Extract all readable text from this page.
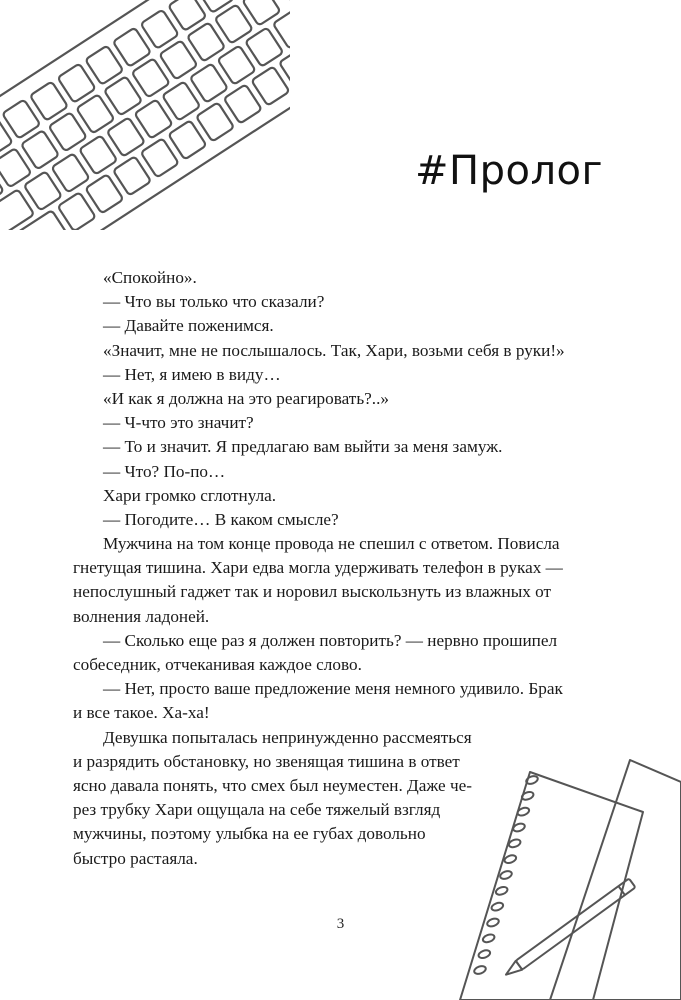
#Пролог
«Спокойно».
— Что вы только что сказали?
— Давайте поженимся.
«Значит, мне не послышалось. Так, Хари, возьми себя в руки!»
— Нет, я имею в виду…
«И как я должна на это реагировать?..»
— Ч-что это значит?
— То и значит. Я предлагаю вам выйти за меня замуж.
— Что? По-по…
Хари громко сглотнула.
— Погодите… В каком смысле?
Мужчина на том конце провода не спешил с ответом. Повисла
гнетущая тишина. Хари едва могла удерживать телефон в руках —
непослушный гаджет так и норовил выскользнуть из влажных от
волнения ладоней.
— Сколько еще раз я должен повторить? — нервно прошипел
собеседник, отчеканивая каждое слово.
— Нет, просто ваше предложение меня немного удивило. Брак
и все такое. Ха-ха!
Девушка попыталась непринужденно рассмеяться
и разрядить обстановку, но звенящая тишина в ответ
ясно давала понять, что смех был неуместен. Даже че-
рез трубку Хари ощущала на себе тяжелый взгляд
мужчины, поэтому улыбка на ее губах довольно
быстро растаяла.
3
